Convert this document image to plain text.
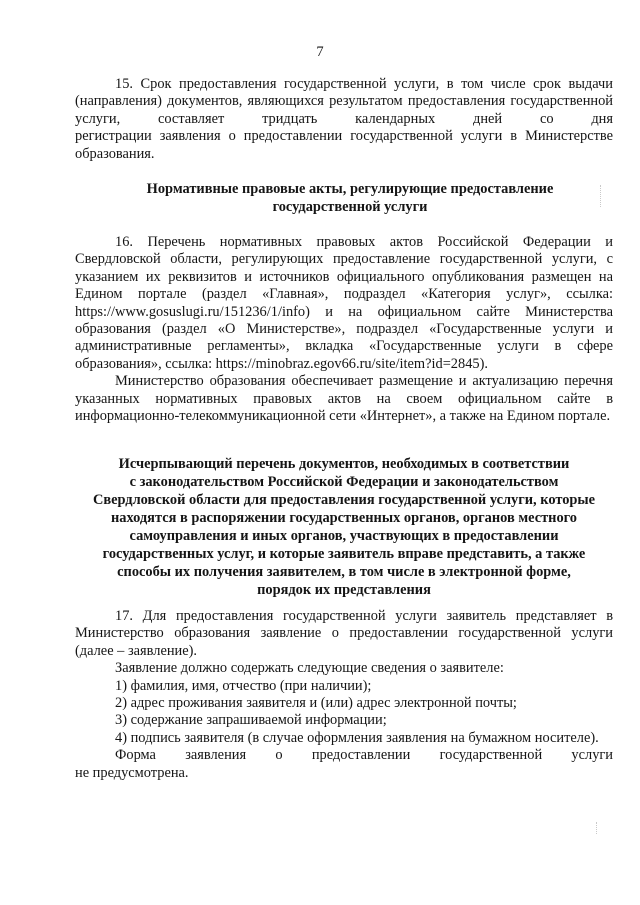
7

15. Срок предоставления государственной услуги, в том числе срок выдачи (направления) документов, являющихся результатом предоставления государственной услуги, составляет тридцать календарных дней со дня

регистрации заявления о предоставлении государственной услуги в Министерстве образования.

Нормативные правовые акты, регулирующие предоставление
государственной услуги

16. Перечень нормативных правовых актов Российской Федерации и Свердловской области, регулирующих предоставление государственной услуги, с указанием их реквизитов и источников официального опубликования размещен на Едином портале (раздел «Главная», подраздел «Категория услуг», ссылка: https://www.gosuslugi.ru/151236/1/info) и на официальном сайте Министерства образования (раздел «О Министерстве», подраздел «Государственные услуги и административные регламенты», вкладка «Государственные услуги в сфере образования», ссылка: https://minobraz.egov66.ru/site/item?id=2845).

Министерство образования обеспечивает размещение и актуализацию перечня указанных нормативных правовых актов на своем официальном сайте в информационно-телекоммуникационной сети «Интернет», а также на Едином портале.

Исчерпывающий перечень документов, необходимых в соответствии
с законодательством Российской Федерации и законодательством
Свердловской области для предоставления государственной услуги, которые
находятся в распоряжении государственных органов, органов местного
самоуправления и иных органов, участвующих в предоставлении
государственных услуг, и которые заявитель вправе представить, а также
способы их получения заявителем, в том числе в электронной форме,
порядок их представления

17. Для предоставления государственной услуги заявитель представляет в Министерство образования заявление о предоставлении государственной услуги (далее – заявление).

Заявление должно содержать следующие сведения о заявителе:

1) фамилия, имя, отчество (при наличии);

2) адрес проживания заявителя и (или) адрес электронной почты;

3) содержание запрашиваемой информации;

4) подпись заявителя (в случае оформления заявления на бумажном носителе).

Форма заявления о предоставлении государственной услуги

не предусмотрена.
